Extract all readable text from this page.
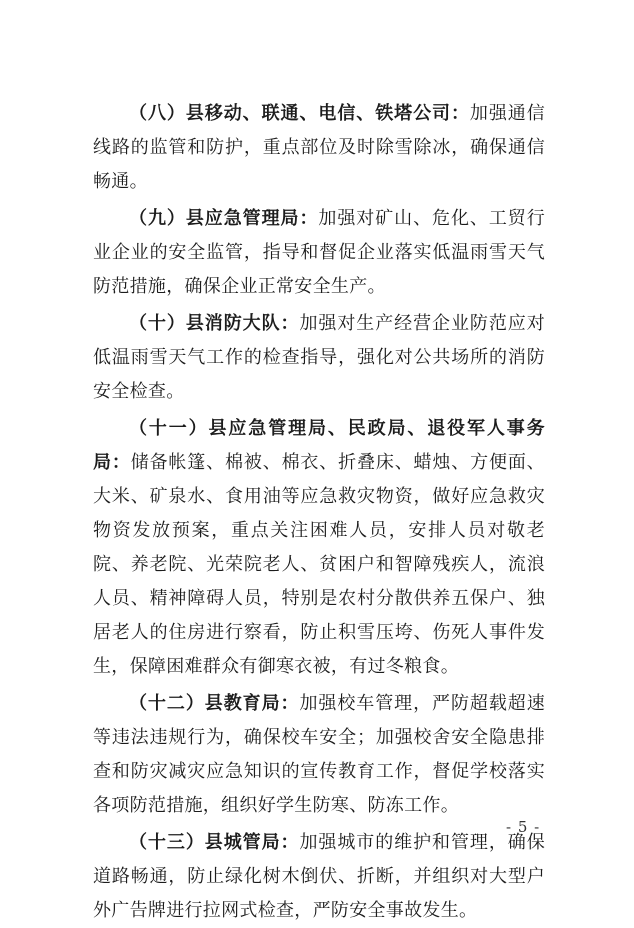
（八）县移动、联通、电信、铁塔公司：加强通信线路的监管和防护，重点部位及时除雪除冰，确保通信畅通。

（九）县应急管理局：加强对矿山、危化、工贸行业企业的安全监管，指导和督促企业落实低温雨雪天气防范措施，确保企业正常安全生产。

（十）县消防大队：加强对生产经营企业防范应对低温雨雪天气工作的检查指导，强化对公共场所的消防安全检查。

（十一）县应急管理局、民政局、退役军人事务局：储备帐篷、棉被、棉衣、折叠床、蜡烛、方便面、大米、矿泉水、食用油等应急救灾物资，做好应急救灾物资发放预案，重点关注困难人员，安排人员对敬老院、养老院、光荣院老人、贫困户和智障残疾人，流浪人员、精神障碍人员，特别是农村分散供养五保户、独居老人的住房进行察看，防止积雪压垮、伤死人事件发生，保障困难群众有御寒衣被，有过冬粮食。

（十二）县教育局：加强校车管理，严防超载超速等违法违规行为，确保校车安全；加强校舍安全隐患排查和防灾减灾应急知识的宣传教育工作，督促学校落实各项防范措施，组织好学生防寒、防冻工作。

（十三）县城管局：加强城市的维护和管理，确保道路畅通，防止绿化树木倒伏、折断，并组织对大型户外广告牌进行拉网式检查，严防安全事故发生。

- 5 -
